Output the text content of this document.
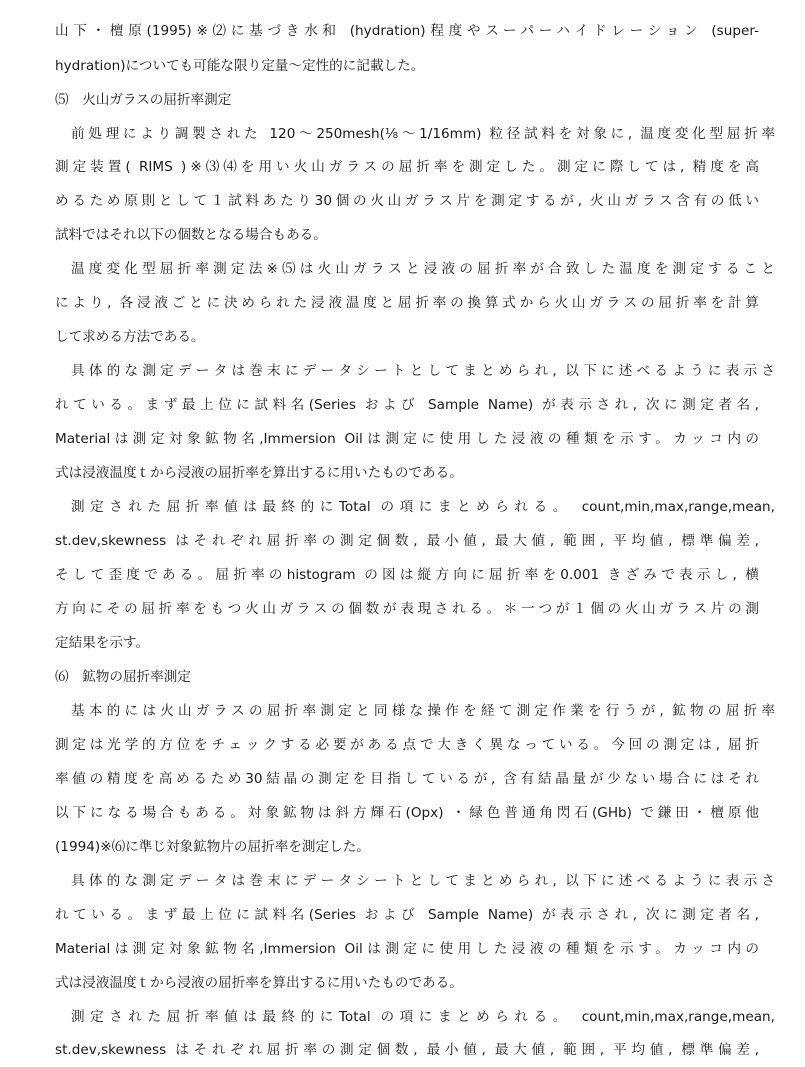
山下・檀原(1995)※⑵に基づき水和 (hydration)程度やスーパーハイドレーション (super-
hydration)についても可能な限り定量〜定性的に記載した。
⑸　火山ガラスの屈折率測定
前処理により調製された 120〜250mesh(⅛〜1/16mm) 粒径試料を対象に, 温度変化型屈折率
測定装置( RIMS )※⑶⑷を用い火山ガラスの屈折率を測定した。測定に際しては, 精度を高
めるため原則として１試料あたり30個の火山ガラス片を測定するが, 火山ガラス含有の低い
試料ではそれ以下の個数となる場合もある。
温度変化型屈折率測定法※⑸は火山ガラスと浸液の屈折率が合致した温度を測定すること
により, 各浸液ごとに決められた浸液温度と屈折率の換算式から火山ガラスの屈折率を計算
して求める方法である。
具体的な測定データは巻末にデータシートとしてまとめられ, 以下に述べるように表示さ
れている。まず最上位に試料名(Series および Sample Name) が表示され, 次に測定者名,
Materialは測定対象鉱物名,Immersion Oilは測定に使用した浸液の種類を示す。カッコ内の
式は浸液温度ｔから浸液の屈折率を算出するに用いたものである。
測定された屈折率値は最終的にTotal の項にまとめられる。 count,min,max,range,mean,
st.dev,skewness はそれぞれ屈折率の測定個数, 最小値, 最大値, 範囲, 平均値, 標準偏差,
そして歪度である。屈折率のhistogram の図は縦方向に屈折率を0.001 きざみで表示し, 横
方向にその屈折率をもつ火山ガラスの個数が表現される。＊一つが１個の火山ガラス片の測
定結果を示す。
⑹　鉱物の屈折率測定
基本的には火山ガラスの屈折率測定と同様な操作を経て測定作業を行うが, 鉱物の屈折率
測定は光学的方位をチェックする必要がある点で大きく異なっている。今回の測定は, 屈折
率値の精度を高めるため30結晶の測定を目指しているが, 含有結晶量が少ない場合にはそれ
以下になる場合もある。対象鉱物は斜方輝石(Opx) ・緑色普通角閃石(GHb) で鎌田・檀原他
(1994)※⑹に準じ対象鉱物片の屈折率を測定した。
具体的な測定データは巻末にデータシートとしてまとめられ, 以下に述べるように表示さ
れている。まず最上位に試料名(Series および Sample Name) が表示され, 次に測定者名,
Materialは測定対象鉱物名,Immersion Oilは測定に使用した浸液の種類を示す。カッコ内の
式は浸液温度ｔから浸液の屈折率を算出するに用いたものである。
測定された屈折率値は最終的にTotal の項にまとめられる。 count,min,max,range,mean,
st.dev,skewness はそれぞれ屈折率の測定個数, 最小値, 最大値, 範囲, 平均値, 標準偏差,
